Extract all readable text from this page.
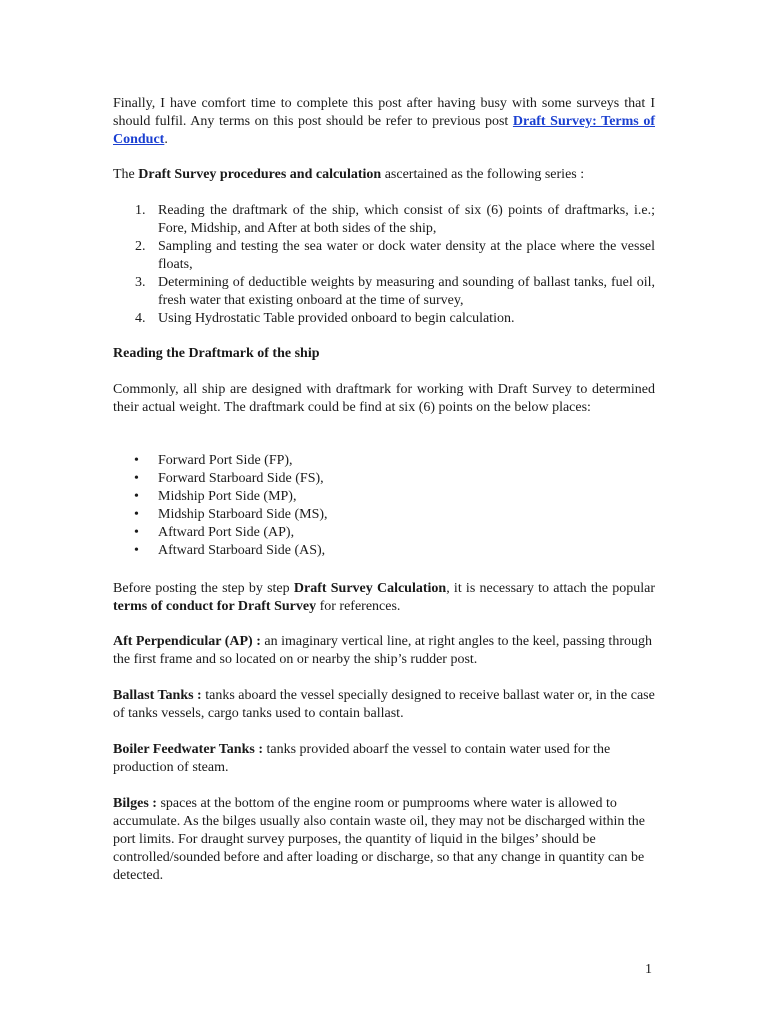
Finally, I have comfort time to complete this post after having busy with some surveys that I should fulfil. Any terms on this post should be refer to previous post Draft Survey: Terms of Conduct.

The Draft Survey procedures and calculation ascertained as the following series :

1. Reading the draftmark of the ship, which consist of six (6) points of draftmarks, i.e.; Fore, Midship, and After at both sides of the ship,
2. Sampling and testing the sea water or dock water density at the place where the vessel floats,
3. Determining of deductible weights by measuring and sounding of ballast tanks, fuel oil, fresh water that existing onboard at the time of survey,
4. Using Hydrostatic Table provided onboard to begin calculation.

Reading the Draftmark of the ship

Commonly, all ship are designed with draftmark for working with Draft Survey to determined their actual weight. The draftmark could be find at six (6) points on the below places:

• Forward Port Side (FP),
• Forward Starboard Side (FS),
• Midship Port Side (MP),
• Midship Starboard Side (MS),
• Aftward Port Side (AP),
• Aftward Starboard Side (AS),

Before posting the step by step Draft Survey Calculation, it is necessary to attach the popular terms of conduct for Draft Survey for references.

Aft Perpendicular (AP) : an imaginary vertical line, at right angles to the keel, passing through the first frame and so located on or nearby the ship’s rudder post.

Ballast Tanks : tanks aboard the vessel specially designed to receive ballast water or, in the case of tanks vessels, cargo tanks used to contain ballast.

Boiler Feedwater Tanks : tanks provided aboarf the vessel to contain water used for the production of steam.

Bilges : spaces at the bottom of the engine room or pumprooms where water is allowed to accumulate. As the bilges usually also contain waste oil, they may not be discharged within the port limits. For draught survey purposes, the quantity of liquid in the bilges’ should be controlled/sounded before and after loading or discharge, so that any change in quantity can be detected.

1
